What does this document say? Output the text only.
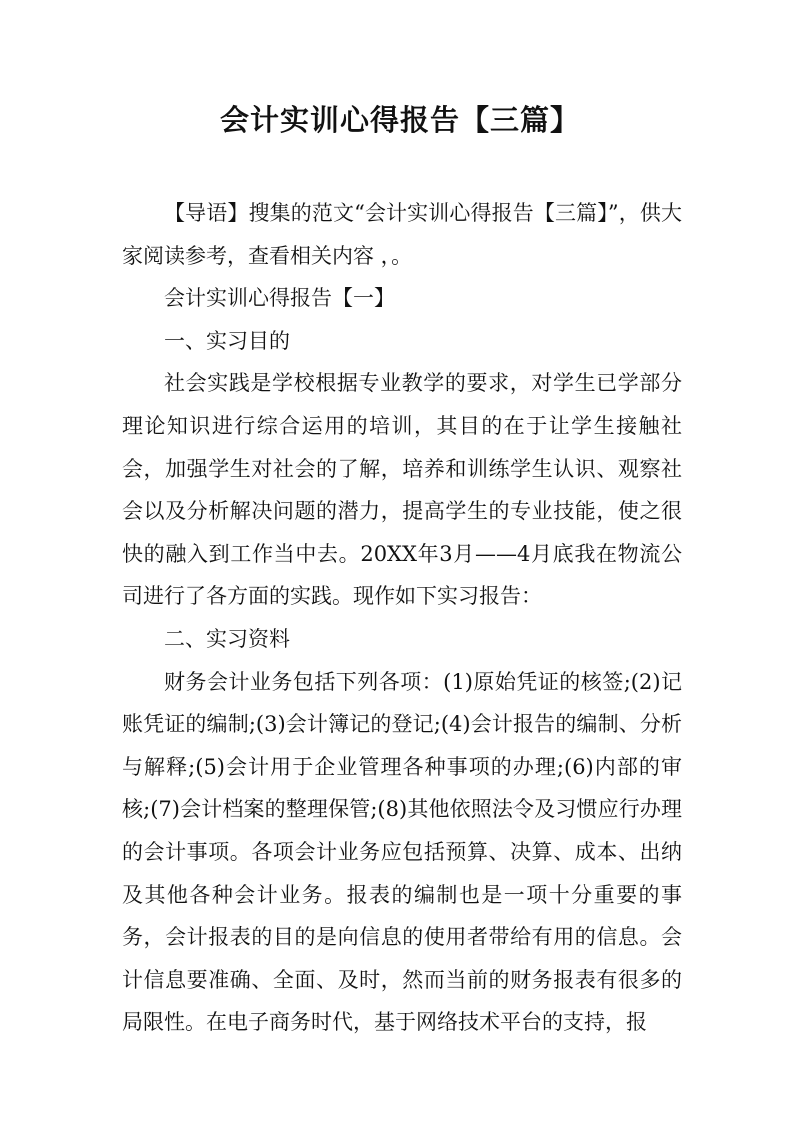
会计实训心得报告【三篇】

【导语】搜集的范文“会计实训心得报告【三篇】”，供大家阅读参考，查看相关内容 ，。

会计实训心得报告【一】

一、实习目的

社会实践是学校根据专业教学的要求，对学生已学部分理论知识进行综合运用的培训，其目的在于让学生接触社会，加强学生对社会的了解，培养和训练学生认识、观察社会以及分析解决问题的潜力，提高学生的专业技能，使之很快的融入到工作当中去。20XX年3月——4月底我在物流公司进行了各方面的实践。现作如下实习报告：

二、实习资料

财务会计业务包括下列各项：(1)原始凭证的核签;(2)记账凭证的编制;(3)会计簿记的登记;(4)会计报告的编制、分析与解释;(5)会计用于企业管理各种事项的办理;(6)内部的审核;(7)会计档案的整理保管;(8)其他依照法令及习惯应行办理的会计事项。各项会计业务应包括预算、决算、成本、出纳及其他各种会计业务。报表的编制也是一项十分重要的事务，会计报表的目的是向信息的使用者带给有用的信息。会计信息要准确、全面、及时，然而当前的财务报表有很多的局限性。在电子商务时代，基于网络技术平台的支持，报
